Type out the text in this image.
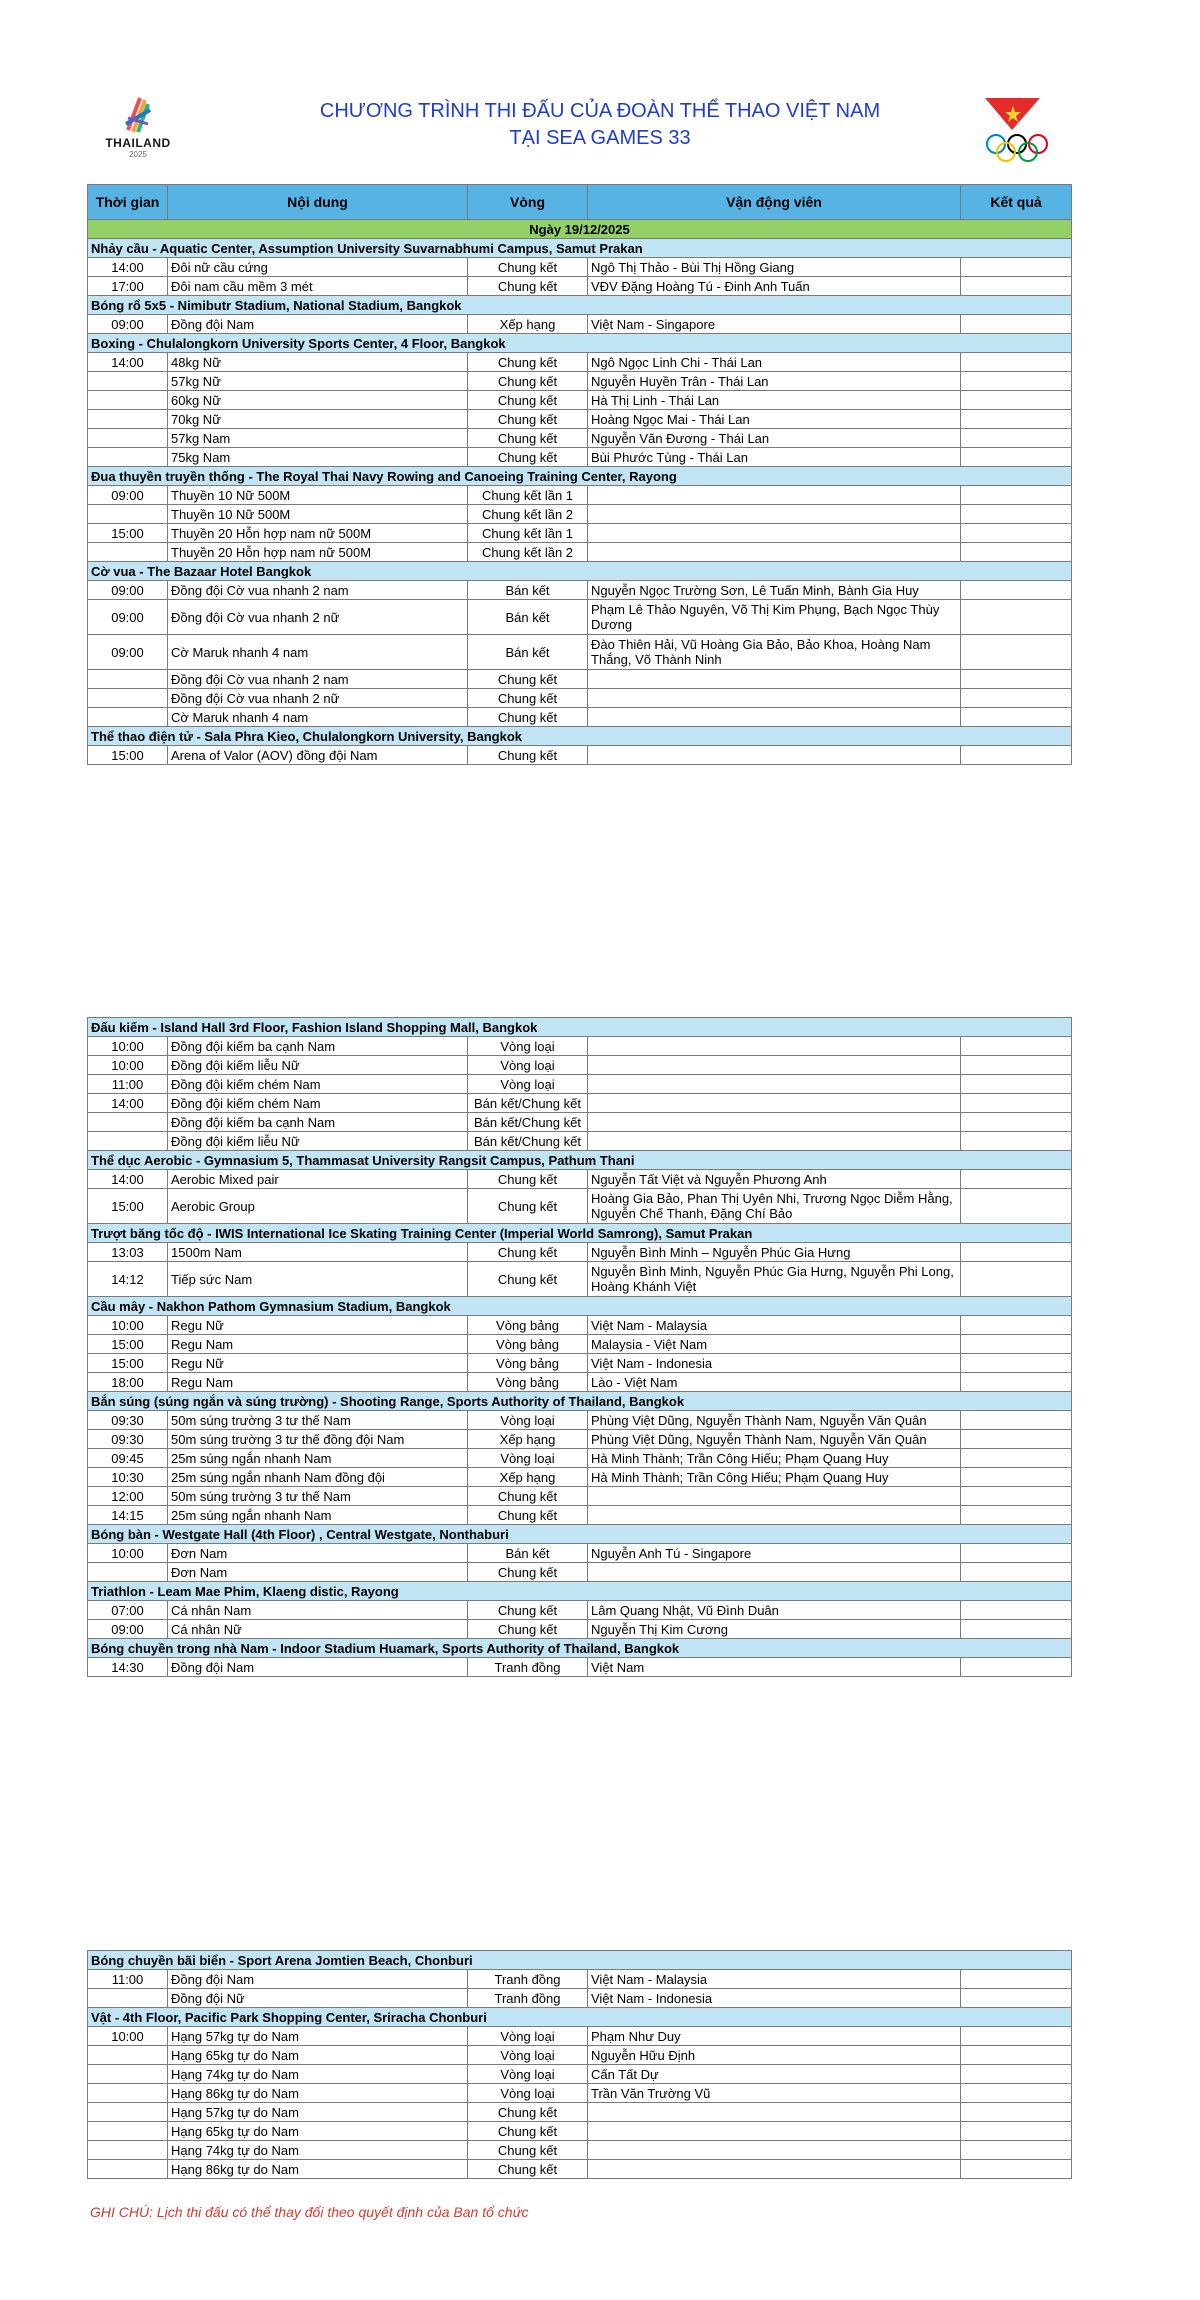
THAILAND
2025
CHƯƠNG TRÌNH THI ĐẤU CỦA ĐOÀN THỂ THAO VIỆT NAM
TẠI SEA GAMES 33
Thời gian	Nội dung	Vòng	Vận động viên	Kết quả
Ngày 19/12/2025				
Nhảy cầu - Aquatic Center, Assumption University Suvarnabhumi Campus, Samut Prakan				
14:00	Đôi nữ cầu cứng	Chung kết	Ngô Thị Thảo - Bùi Thị Hồng Giang	
17:00	Đôi nam cầu mềm 3 mét	Chung kết	VĐV Đặng Hoàng Tú - Đinh Anh Tuấn	
Bóng rổ 5x5 - Nimibutr Stadium, National Stadium, Bangkok				
09:00	Đồng đội Nam	Xếp hạng	Việt Nam - Singapore	
Boxing - Chulalongkorn University Sports Center, 4 Floor, Bangkok				
14:00	48kg Nữ	Chung kết	Ngô Ngọc Linh Chi - Thái Lan	
	57kg Nữ	Chung kết	Nguyễn Huyền Trân - Thái Lan	
	60kg Nữ	Chung kết	Hà Thị Linh - Thái Lan	
	70kg Nữ	Chung kết	Hoàng Ngọc Mai - Thái Lan	
	57kg Nam	Chung kết	Nguyễn Văn Đương - Thái Lan	
	75kg Nam	Chung kết	Bùi Phước Tùng - Thái Lan	
Đua thuyền truyền thống - The Royal Thai Navy Rowing and Canoeing Training Center, Rayong				
09:00	Thuyền 10 Nữ 500M	Chung kết lần 1		
	Thuyền 10 Nữ 500M	Chung kết lần 2		
15:00	Thuyền 20 Hỗn hợp nam nữ 500M	Chung kết lần 1		
	Thuyền 20 Hỗn hợp nam nữ 500M	Chung kết lần 2		
Cờ vua - The Bazaar Hotel Bangkok				
09:00	Đồng đội Cờ vua nhanh 2 nam	Bán kết	Nguyễn Ngọc Trường Sơn, Lê Tuấn Minh, Bành Gia Huy	
09:00	Đồng đội Cờ vua nhanh 2 nữ	Bán kết	Phạm Lê Thảo Nguyên, Võ Thị Kim Phụng, Bạch Ngọc Thùy Dương	
09:00	Cờ Maruk nhanh 4 nam	Bán kết	Đào Thiên Hải, Vũ Hoàng Gia Bảo, Bảo Khoa, Hoàng Nam Thắng, Võ Thành Ninh	
	Đồng đội Cờ vua nhanh 2 nam	Chung kết		
	Đồng đội Cờ vua nhanh 2 nữ	Chung kết		
	Cờ Maruk nhanh 4 nam	Chung kết		
Thể thao điện tử - Sala Phra Kieo, Chulalongkorn University, Bangkok				
15:00	Arena of Valor (AOV) đồng đội Nam	Chung kết		
Đấu kiếm - Island Hall 3rd Floor, Fashion Island Shopping Mall, Bangkok				
10:00	Đồng đội kiếm ba cạnh Nam	Vòng loại		
10:00	Đồng đội kiếm liễu Nữ	Vòng loại		
11:00	Đồng đội kiếm chém Nam	Vòng loại		
14:00	Đồng đội kiếm chém Nam	Bán kết/Chung kết		
	Đồng đội kiếm ba cạnh Nam	Bán kết/Chung kết		
	Đồng đội kiếm liễu Nữ	Bán kết/Chung kết		
Thể dục Aerobic - Gymnasium 5, Thammasat University Rangsit Campus, Pathum Thani				
14:00	Aerobic Mixed pair	Chung kết	Nguyễn Tất Việt và Nguyễn Phương Anh	
15:00	Aerobic Group	Chung kết	Hoàng Gia Bảo, Phan Thị Uyên Nhi, Trương Ngọc Diễm Hằng, Nguyễn Chế Thanh, Đặng Chí Bảo	
Trượt băng tốc độ - IWIS International Ice Skating Training Center (Imperial World Samrong), Samut Prakan				
13:03	1500m Nam	Chung kết	Nguyễn Bình Minh – Nguyễn Phúc Gia Hưng	
14:12	Tiếp sức Nam	Chung kết	Nguyễn Bình Minh, Nguyễn Phúc Gia Hưng, Nguyễn Phi Long, Hoàng Khánh Việt	
Cầu mây - Nakhon Pathom Gymnasium Stadium, Bangkok				
10:00	Regu Nữ	Vòng bảng	Việt Nam - Malaysia	
15:00	Regu Nam	Vòng bảng	Malaysia - Việt Nam	
15:00	Regu Nữ	Vòng bảng	Việt Nam - Indonesia	
18:00	Regu Nam	Vòng bảng	Lào - Việt Nam	
Bắn súng (súng ngắn và súng trường) - Shooting Range, Sports Authority of Thailand, Bangkok				
09:30	50m súng trường 3 tư thế Nam	Vòng loại	Phùng Việt Dũng, Nguyễn Thành Nam, Nguyễn Văn Quân	
09:30	50m súng trường 3 tư thế đồng đội Nam	Xếp hạng	Phùng Việt Dũng, Nguyễn Thành Nam, Nguyễn Văn Quân	
09:45	25m súng ngắn nhanh Nam	Vòng loại	Hà Minh Thành; Trần Công Hiếu; Phạm Quang Huy	
10:30	25m súng ngắn nhanh Nam đồng đội	Xếp hạng	Hà Minh Thành; Trần Công Hiếu; Phạm Quang Huy	
12:00	50m súng trường 3 tư thế Nam	Chung kết		
14:15	25m súng ngắn nhanh Nam	Chung kết		
Bóng bàn - Westgate Hall (4th Floor) , Central Westgate, Nonthaburi				
10:00	Đơn Nam	Bán kết	Nguyễn Anh Tú - Singapore	
	Đơn Nam	Chung kết		
Triathlon - Leam Mae Phim, Klaeng distic, Rayong				
07:00	Cá nhân Nam	Chung kết	Lâm Quang Nhật, Vũ Đình Duân	
09:00	Cá nhân Nữ	Chung kết	Nguyễn Thị Kim Cương	
Bóng chuyền trong nhà Nam - Indoor Stadium Huamark, Sports Authority of Thailand, Bangkok				
14:30	Đồng đội Nam	Tranh đồng	Việt Nam	
Bóng chuyền bãi biển - Sport Arena Jomtien Beach, Chonburi				
11:00	Đồng đội Nam	Tranh đồng	Việt Nam - Malaysia	
	Đồng đội Nữ	Tranh đồng	Việt Nam - Indonesia	
Vật - 4th Floor, Pacific Park Shopping Center, Sriracha Chonburi				
10:00	Hạng 57kg tự do Nam	Vòng loại	Phạm Như Duy	
	Hạng 65kg tự do Nam	Vòng loại	Nguyễn Hữu Định	
	Hạng 74kg tự do Nam	Vòng loại	Cấn Tất Dự	
	Hạng 86kg tự do Nam	Vòng loại	Trần Văn Trường Vũ	
	Hạng 57kg tự do Nam	Chung kết		
	Hạng 65kg tự do Nam	Chung kết		
	Hạng 74kg tự do Nam	Chung kết		
	Hạng 86kg tự do Nam	Chung kết		
GHI CHÚ: Lịch thi đấu có thể thay đổi theo quyết định của Ban tổ chức
